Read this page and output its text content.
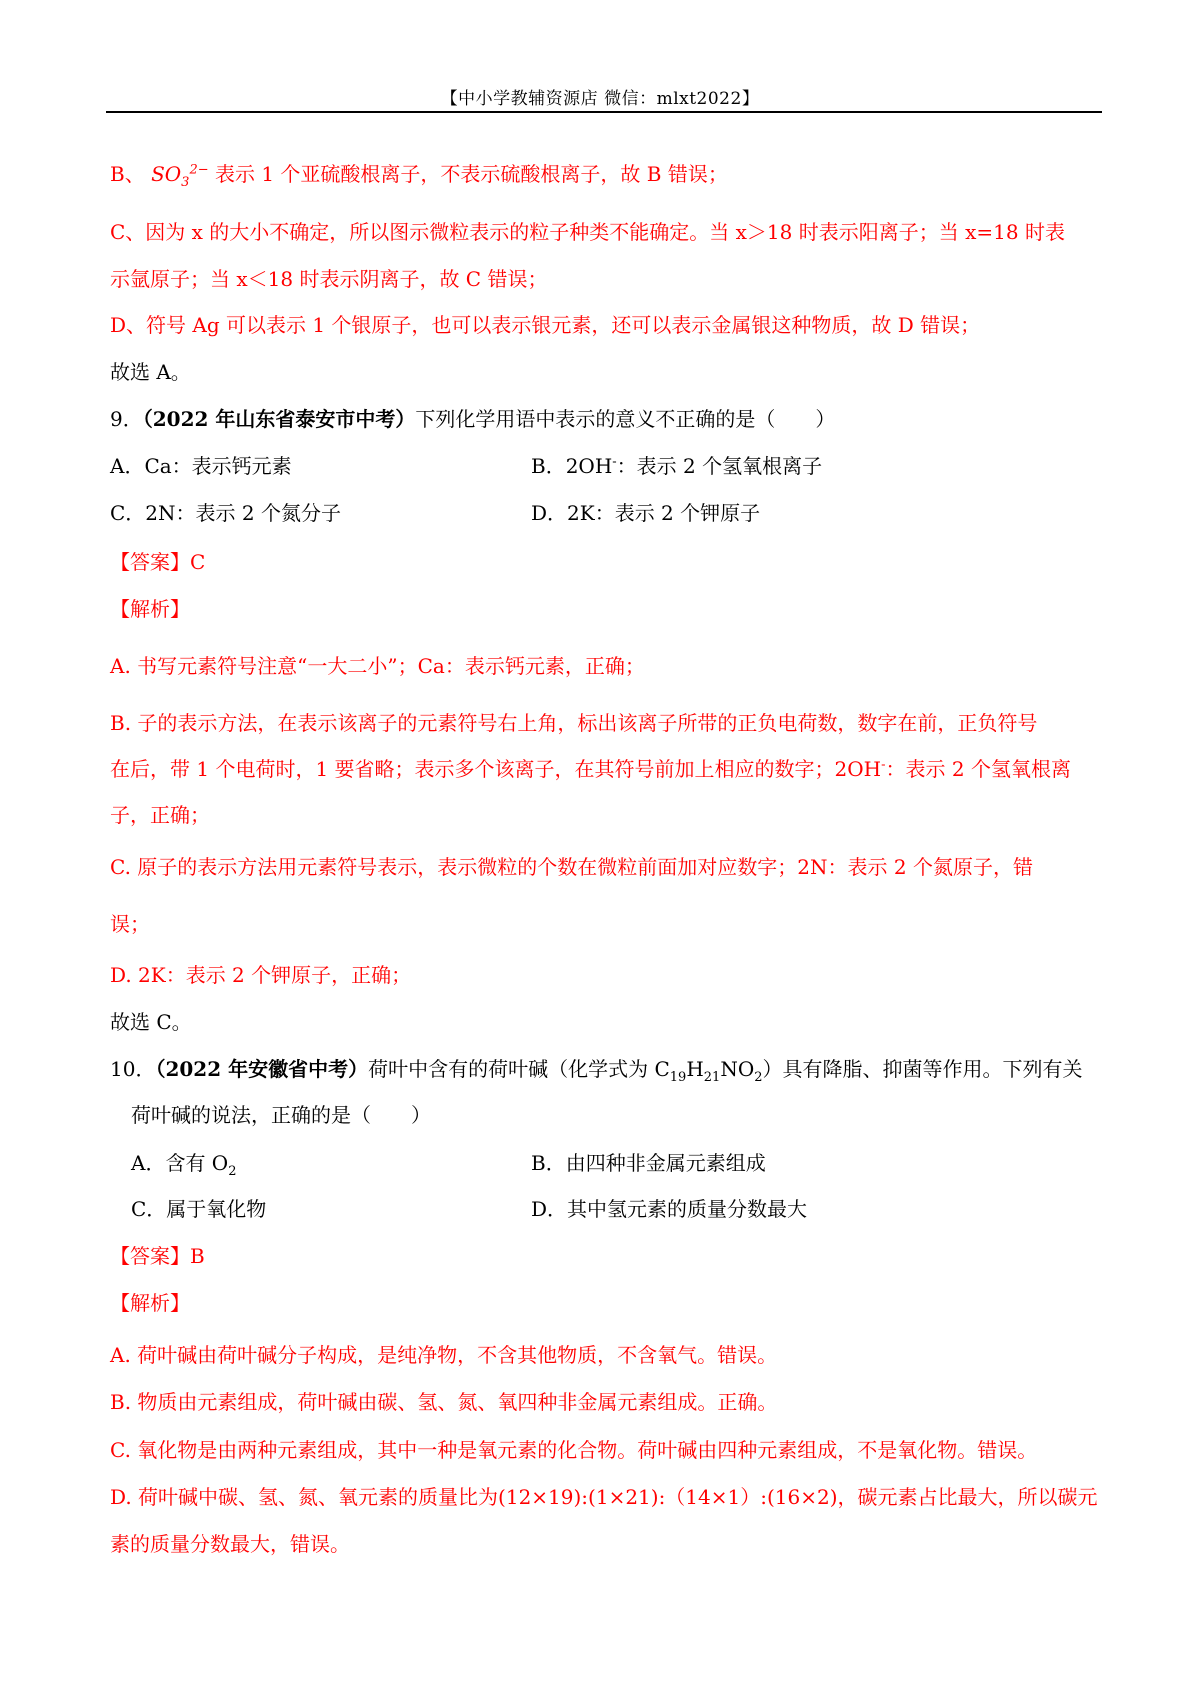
【中小学教辅资源店 微信：mlxt2022】
B、 $SO_3^{2-}$ 表示 1 个亚硫酸根离子，不表示硫酸根离子，故 B 错误；
C、因为 x 的大小不确定，所以图示微粒表示的粒子种类不能确定。当 x＞18 时表示阳离子；当 x=18 时表
示氩原子；当 x＜18 时表示阴离子，故 C 错误；
D、符号 Ag 可以表示 1 个银原子，也可以表示银元素，还可以表示金属银这种物质，故 D 错误；
故选 A。
9．（2022 年山东省泰安市中考）下列化学用语中表示的意义不正确的是（　　）
A．Ca：表示钙元素	B．2OH-：表示 2 个氢氧根离子
C．2N：表示 2 个氮分子	D．2K：表示 2 个钾原子
【答案】C
【解析】
A. 书写元素符号注意“一大二小”；Ca：表示钙元素，正确；
B. 子的表示方法，在表示该离子的元素符号右上角，标出该离子所带的正负电荷数，数字在前，正负符号
在后，带 1 个电荷时，1 要省略；表示多个该离子，在其符号前加上相应的数字；2OH-：表示 2 个氢氧根离
子，正确；
C. 原子的表示方法用元素符号表示，表示微粒的个数在微粒前面加对应数字；2N：表示 2 个氮原子，错
误；
D. 2K：表示 2 个钾原子，正确；
故选 C。
10．（2022 年安徽省中考）荷叶中含有的荷叶碱（化学式为 $C_{19}H_{21}NO_2$）具有降脂、抑菌等作用。下列有关
荷叶碱的说法，正确的是（　　）
A．含有 $O_2$	B．由四种非金属元素组成
C．属于氧化物	D．其中氢元素的质量分数最大
【答案】B
【解析】
A. 荷叶碱由荷叶碱分子构成，是纯净物，不含其他物质，不含氧气。错误。
B. 物质由元素组成，荷叶碱由碳、氢、氮、氧四种非金属元素组成。正确。
C. 氧化物是由两种元素组成，其中一种是氧元素的化合物。荷叶碱由四种元素组成，不是氧化物。错误。
D. 荷叶碱中碳、氢、氮、氧元素的质量比为(12×19):(1×21):（14×1）:(16×2)，碳元素占比最大，所以碳元
素的质量分数最大，错误。
